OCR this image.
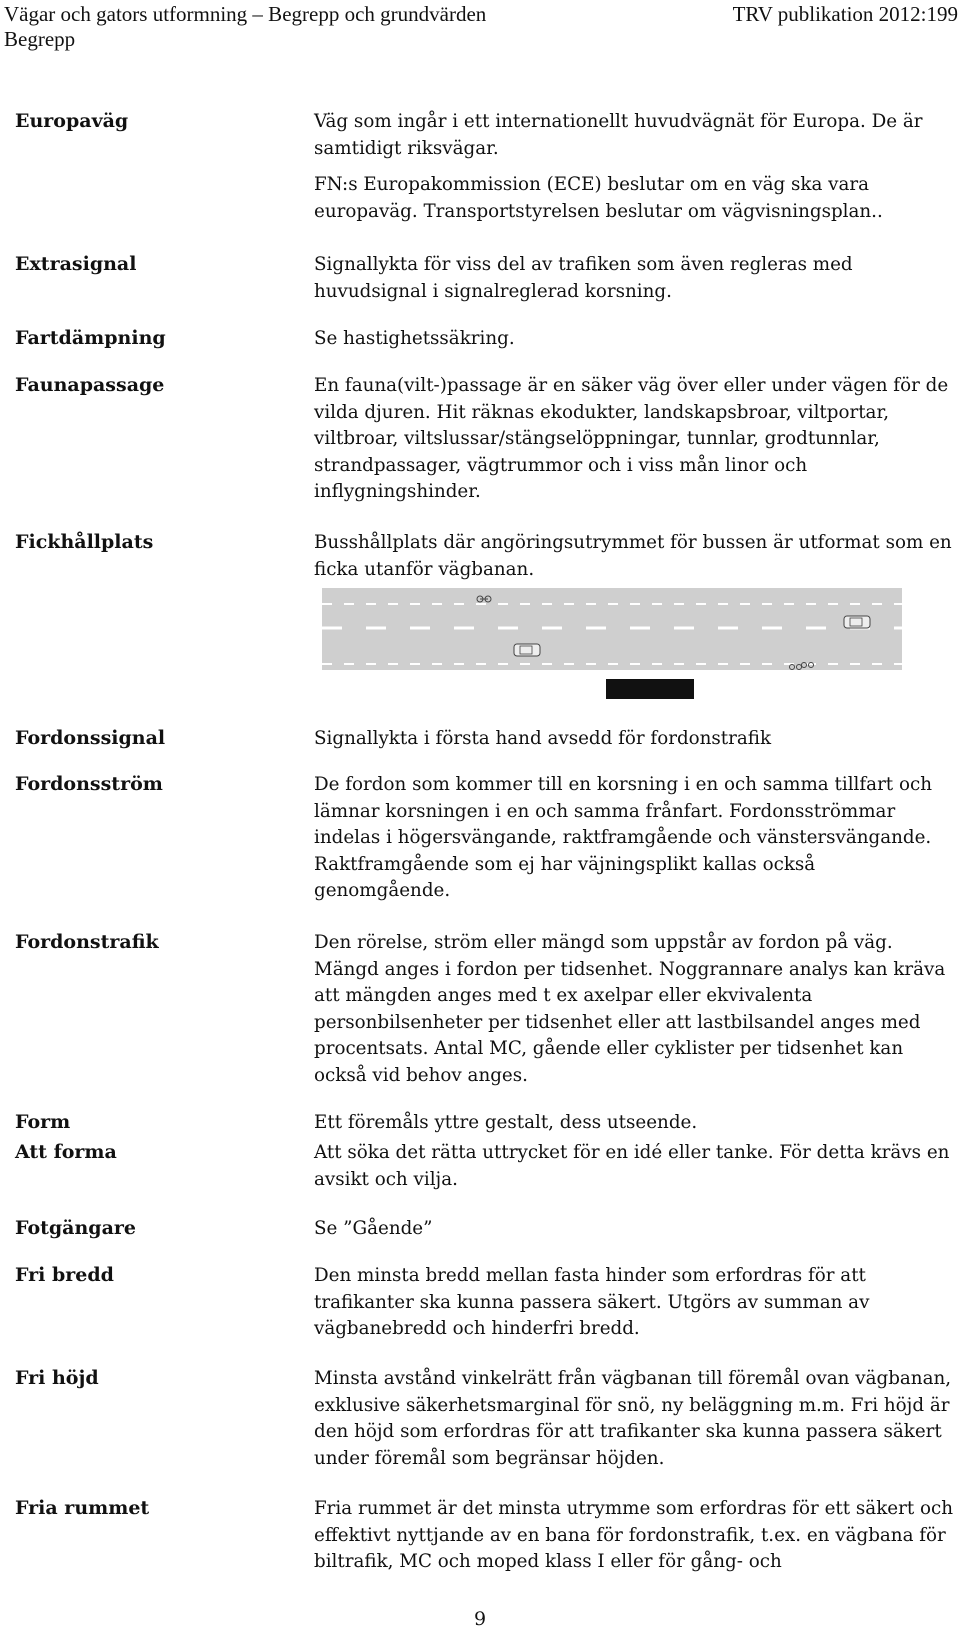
Vägar och gators utformning – Begrepp och grundvärden	TRV publikation 2012:199
Begrepp
Europaväg	Väg som ingår i ett internationellt huvudvägnät för Europa. De är samtidigt riksvägar.

FN:s Europakommission (ECE) beslutar om en väg ska vara europaväg. Transportstyrelsen beslutar om vägvisningsplan..

Extrasignal	Signallykta för viss del av trafiken som även regleras med huvudsignal i signalreglerad korsning.

Fartdämpning	Se hastighetssäkring.

Faunapassage	En fauna(vilt-)passage är en säker väg över eller under vägen för de vilda djuren. Hit räknas ekodukter, landskapsbroar, viltportar, viltbroar, viltslussar/stängselöppningar, tunnlar, grodtunnlar, strandpassager, vägtrummor och i viss mån linor och inflygningshinder.

Fickhållplats	Busshållplats där angöringsutrymmet för bussen är utformat som en ficka utanför vägbanan.

Fordonssignal	Signallykta i första hand avsedd för fordonstrafik

Fordonsström	De fordon som kommer till en korsning i en och samma tillfart och lämnar korsningen i en och samma frånfart. Fordonsströmmar indelas i högersvängande, raktframgående och vänstersvängande. Raktframgående som ej har väjningsplikt kallas också genomgående.

Fordonstrafik	Den rörelse, ström eller mängd som uppstår av fordon på väg. Mängd anges i fordon per tidsenhet. Noggrannare analys kan kräva att mängden anges med t ex axelpar eller ekvivalenta personbilsenheter per tidsenhet eller att lastbilsandel anges med procentsats. Antal MC, gående eller cyklister per tidsenhet kan också vid behov anges.

Form	Ett föremåls yttre gestalt, dess utseende.

Att forma	Att söka det rätta uttrycket för en idé eller tanke. För detta krävs en avsikt och vilja.

Fotgängare	Se ”Gående”

Fri bredd	Den minsta bredd mellan fasta hinder som erfordras för att trafikanter ska kunna passera säkert. Utgörs av summan av vägbanebredd och hinderfri bredd.

Fri höjd	Minsta avstånd vinkelrätt från vägbanan till föremål ovan vägbanan, exklusive säkerhetsmarginal för snö, ny beläggning m.m. Fri höjd är den höjd som erfordras för att trafikanter ska kunna passera säkert under föremål som begränsar höjden.

Fria rummet	Fria rummet är det minsta utrymme som erfordras för ett säkert och effektivt nyttjande av en bana för fordonstrafik, t.ex. en vägbana för biltrafik, MC och moped klass I eller för gång- och

9
